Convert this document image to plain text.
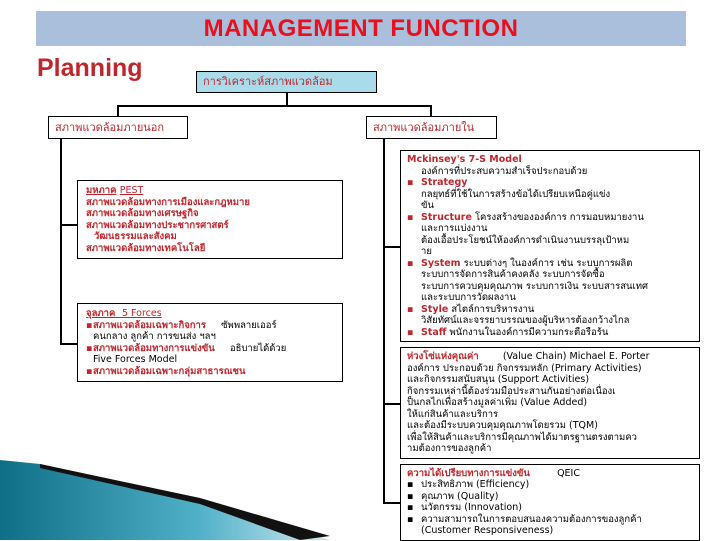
MANAGEMENT FUNCTION
Planning	การวิเคราะห์สภาพแวดล้อม
สภาพแวดล้อมภายนอก	สภาพแวดล้อมภายใน
มหภาค PEST
สภาพแวดล้อมทางการเมืองและกฎหมาย
สภาพแวดล้อมทางเศรษฐกิจ
สภาพแวดล้อมทางประชากรศาสตร์
วัฒนธรรมและสังคม
สภาพแวดล้อมทางเทคโนโลยี
จุลภาค 5 Forces
▪สภาพแวดล้อมเฉพาะกิจการ ซัพพลายเออร์
คนกลาง ลูกค้า การขนส่ง ฯลฯ
▪สภาพแวดล้อมทางการแข่งขัน อธิบายได้ด้วย
Five Forces Model
▪สภาพแวดล้อมเฉพาะกลุ่มสาธารณชน
Mckinsey's 7-S Model
องค์การที่ประสบความสำเร็จประกอบด้วย
▪ Strategy
กลยุทธ์ที่ใช้ในการสร้างข้อได้เปรียบเหนือคู่แข่ง
ขัน
▪ Structure โครงสร้างขององค์การ การมอบหมายงาน
และการแบ่งงาน
ต้องเอื้อประโยชน์ให้องค์การดำเนินงานบรรลุเป้าหม
าย
▪ System ระบบต่างๆ ในองค์การ เช่น ระบบการผลิต
ระบบการจัดการสินค้าคงคลัง ระบบการจัดซื้อ
ระบบการควบคุมคุณภาพ ระบบการเงิน ระบบสารสนเทศ
และระบบการวัดผลงาน
▪ Style สไตล์การบริหารงาน
วิสัยทัศน์และจรรยาบรรณของผู้บริหารต้องกว้างไกล
▪ Staff พนักงานในองค์การมีความกระตือรือร้น
ห่วงโซ่แห่งคุณค่า	(Value Chain) Michael E. Porter
องค์การ ประกอบด้วย กิจกรรมหลัก (Primary Activities)
และกิจกรรมสนับสนุน (Support Activities)
กิจกรรมเหล่านี้ต้องร่วมมือประสานกันอย่างต่อเนื่องเ
ป็นกลไกเพื่อสร้างมูลค่าเพิ่ม (Value Added)
ให้แก่สินค้าและบริการ
และต้องมีระบบควบคุมคุณภาพโดยรวม (TQM)
เพื่อให้สินค้าและบริการมีคุณภาพได้มาตรฐานตรงตามคว
ามต้องการของลูกค้า
ความได้เปรียบทางการแข่งขัน	QEIC
▪ ประสิทธิภาพ (Efficiency)
▪ คุณภาพ (Quality)
▪ นวัตกรรม (Innovation)
▪ ความสามารถในการตอบสนองความต้องการของลูกค้า
(Customer Responsiveness)
